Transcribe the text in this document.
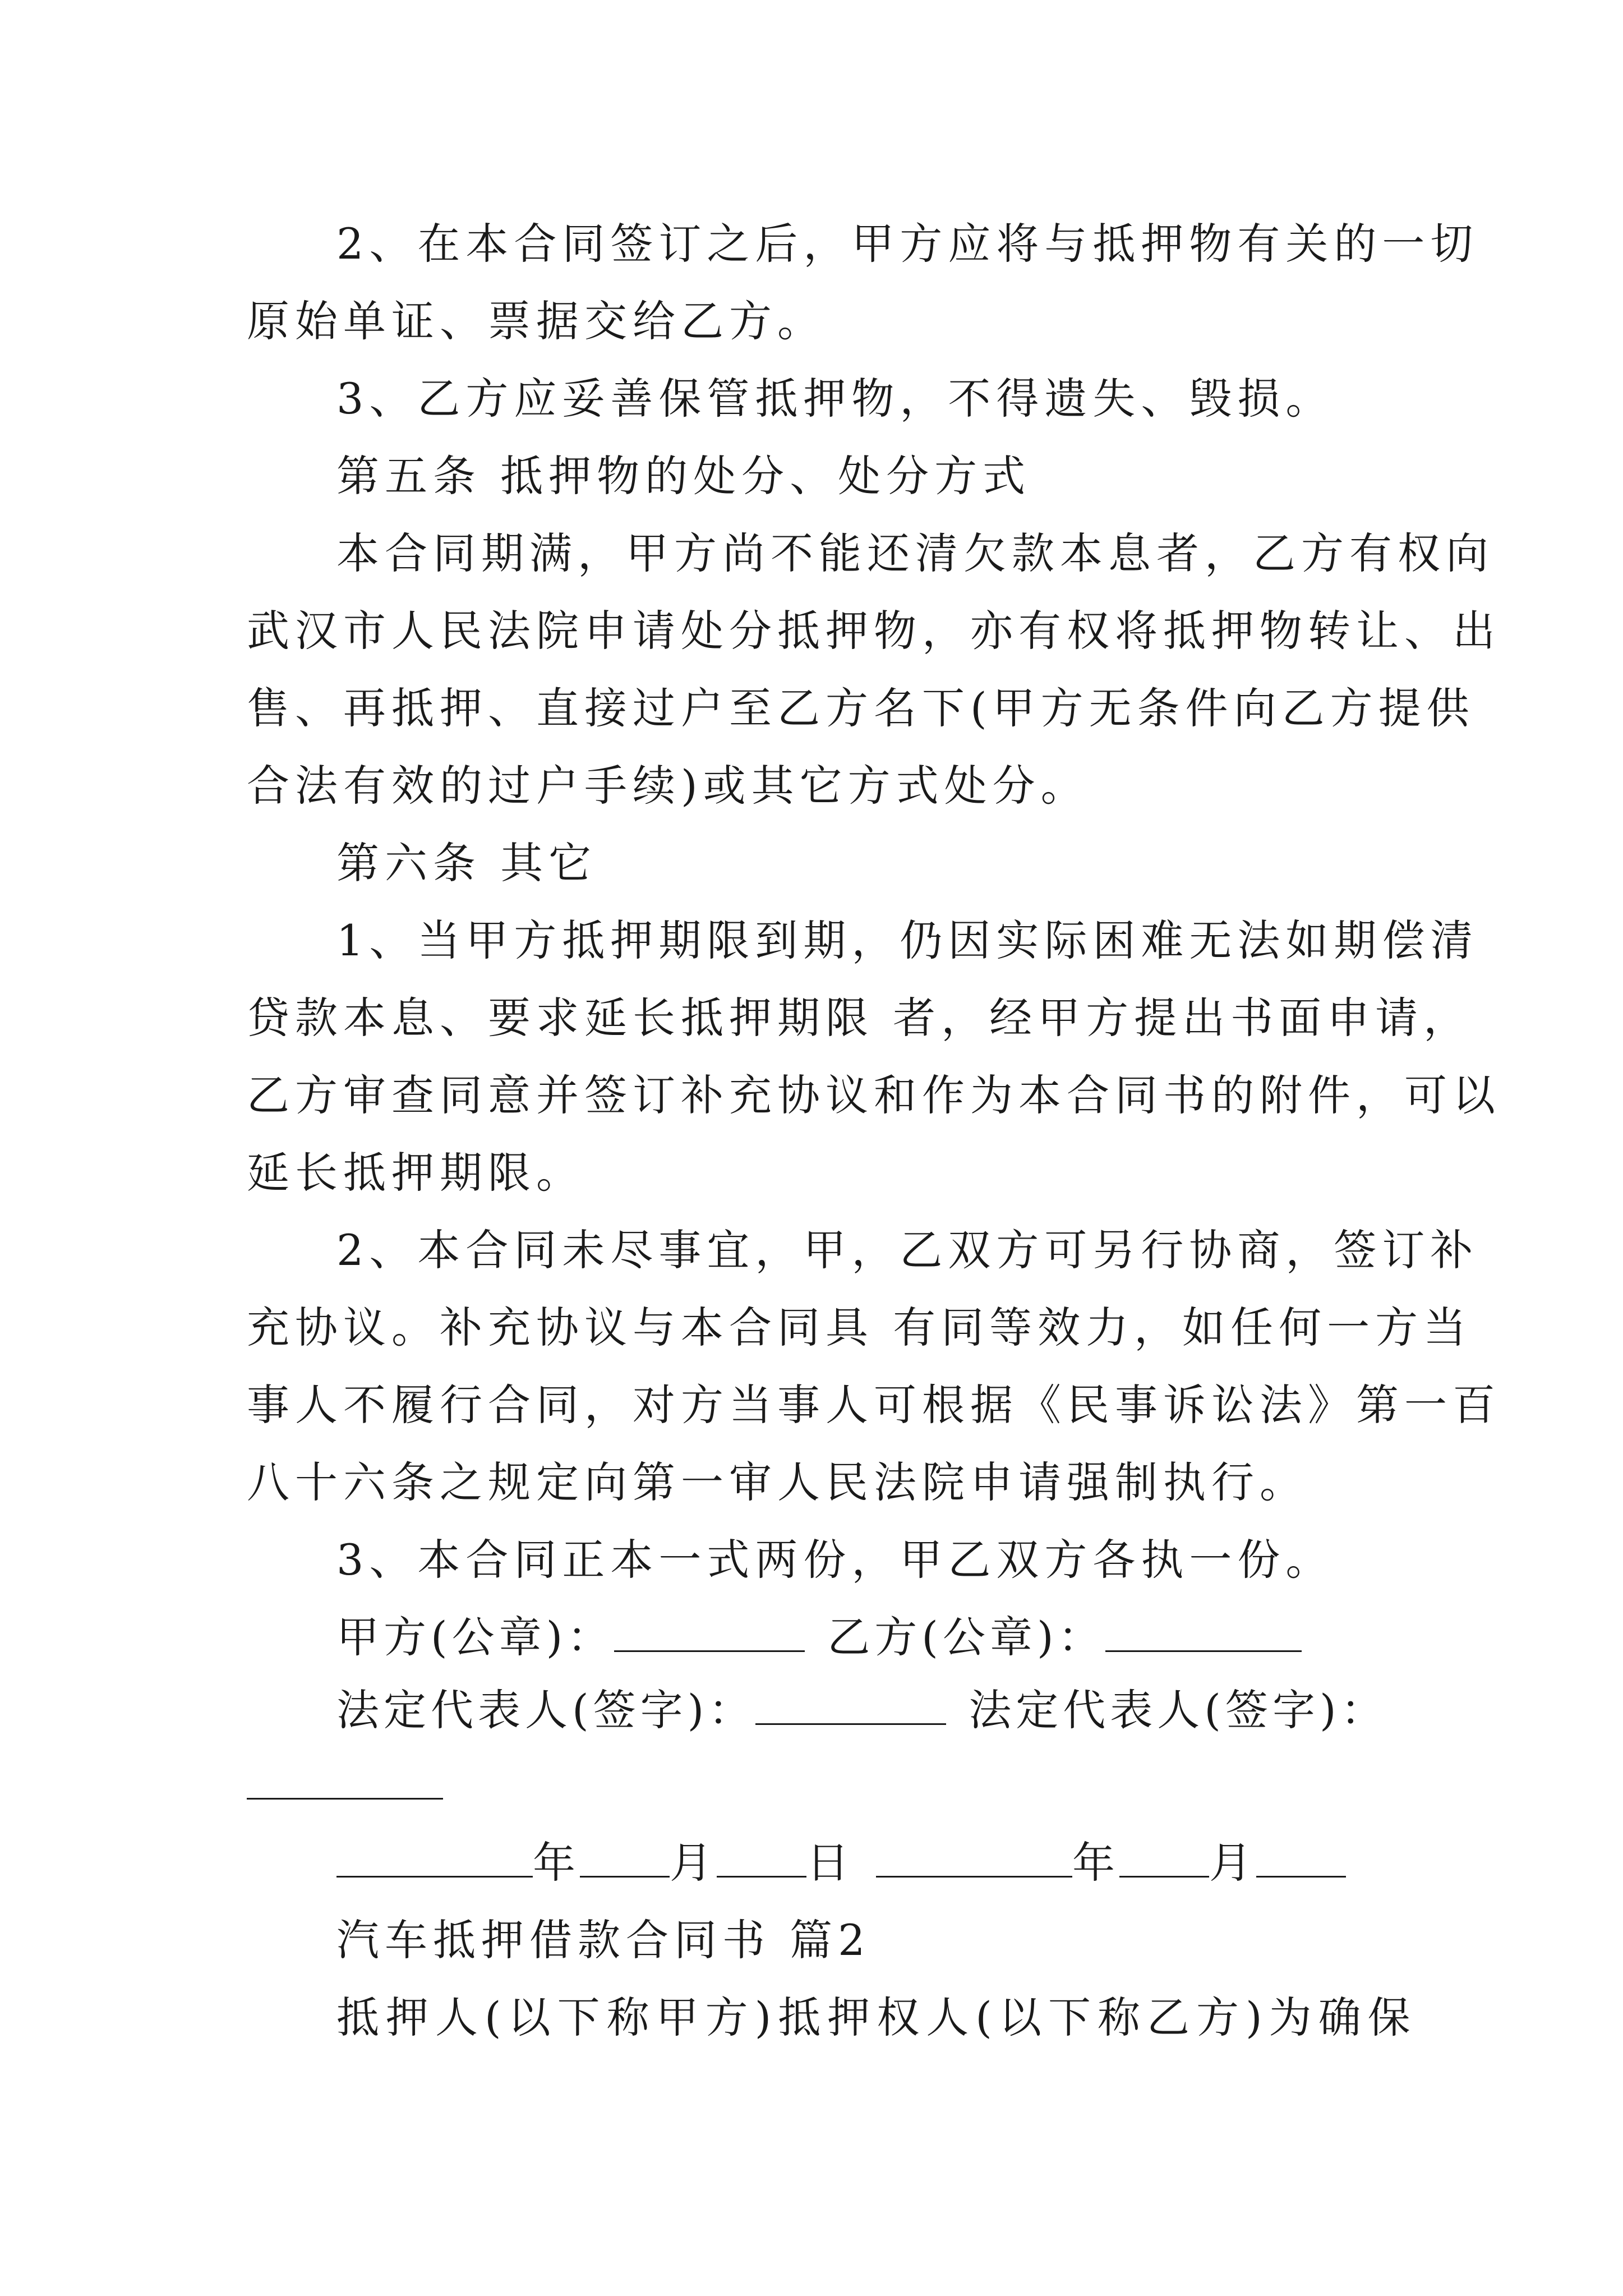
2、在本合同签订之后，甲方应将与抵押物有关的一切
原始单证、票据交给乙方。
3、乙方应妥善保管抵押物，不得遗失、毁损。
第五条 抵押物的处分、处分方式
本合同期满，甲方尚不能还清欠款本息者，乙方有权向
武汉市人民法院申请处分抵押物，亦有权将抵押物转让、出
售、再抵押、直接过户至乙方名下(甲方无条件向乙方提供
合法有效的过户手续)或其它方式处分。
第六条 其它
1、当甲方抵押期限到期，仍因实际困难无法如期偿清
贷款本息、要求延长抵押期限 者，经甲方提出书面申请，
乙方审查同意并签订补充协议和作为本合同书的附件，可以
延长抵押期限。
2、本合同未尽事宜，甲，乙双方可另行协商，签订补
充协议。补充协议与本合同具 有同等效力，如任何一方当
事人不履行合同，对方当事人可根据《民事诉讼法》第一百
八十六条之规定向第一审人民法院申请强制执行。
3、本合同正本一式两份，甲乙双方各执一份。
甲方(公章)：	乙方(公章)：
法定代表人(签字)：	法定代表人(签字)：
年 月 日	年 月
汽车抵押借款合同书 篇2
抵押人(以下称甲方)抵押权人(以下称乙方)为确保
